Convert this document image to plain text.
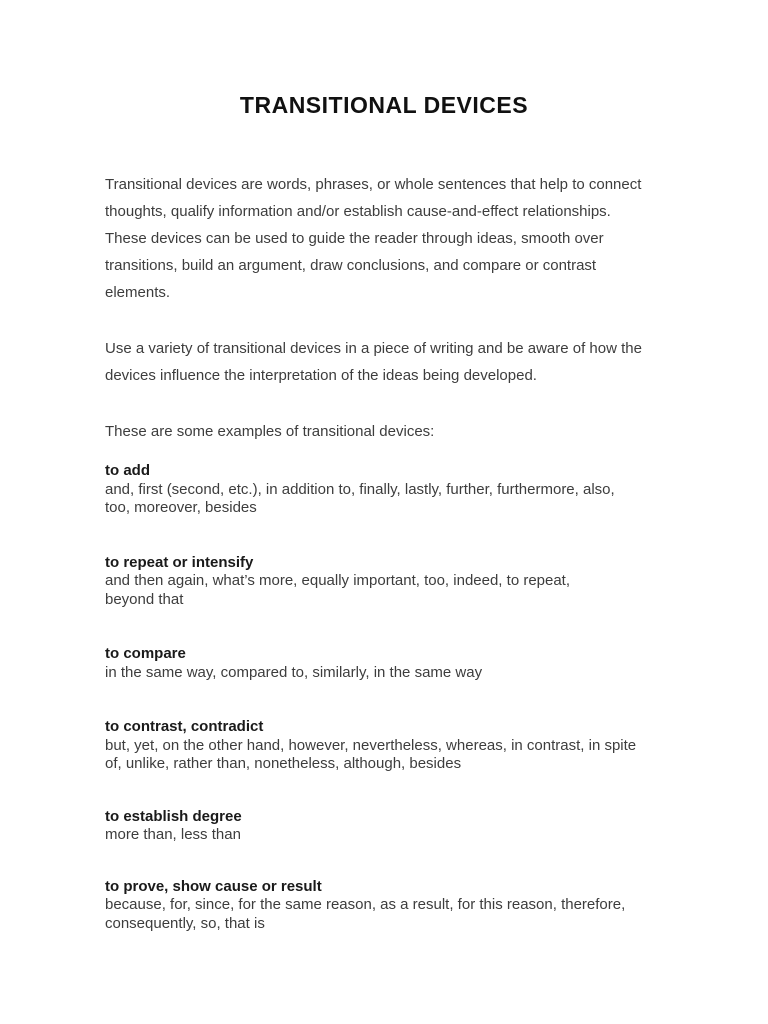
TRANSITIONAL DEVICES

Transitional devices are words, phrases, or whole sentences that help to connect
thoughts, qualify information and/or establish cause-and-effect relationships.
These devices can be used to guide the reader through ideas, smooth over
transitions, build an argument, draw conclusions, and compare or contrast
elements.

Use a variety of transitional devices in a piece of writing and be aware of how the
devices influence the interpretation of the ideas being developed.

These are some examples of transitional devices:

to add
and, first (second, etc.), in addition to, finally, lastly, further, furthermore, also,
too, moreover, besides
to repeat or intensify
and then again, what’s more, equally important, too, indeed, to repeat,
beyond that
to compare
in the same way, compared to, similarly, in the same way
to contrast, contradict
but, yet, on the other hand, however, nevertheless, whereas, in contrast, in spite
of, unlike, rather than, nonetheless, although, besides
to establish degree
more than, less than
to prove, show cause or result
because, for, since, for the same reason, as a result, for this reason, therefore,
consequently, so, that is
